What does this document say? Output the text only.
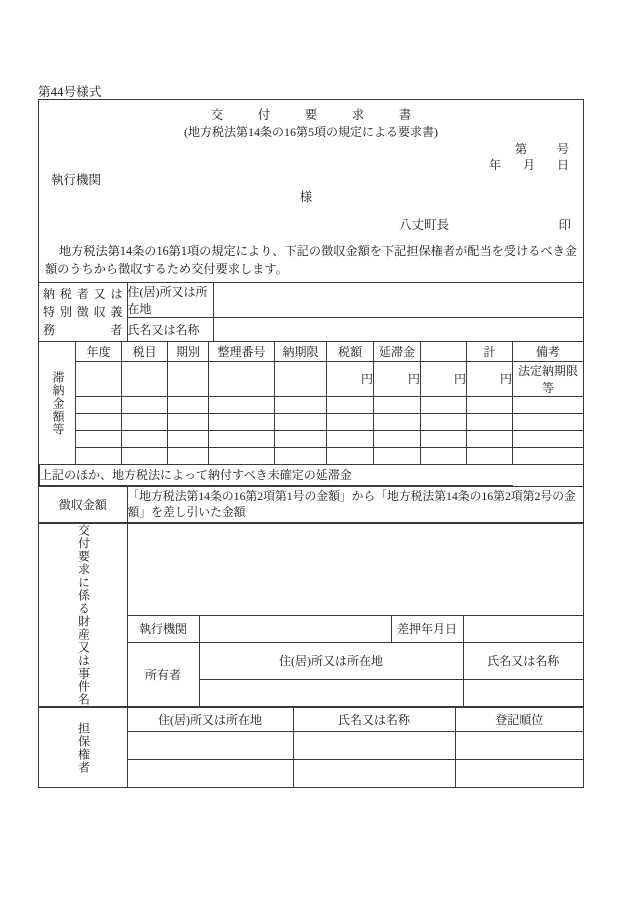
第44号様式
交　付　要　求　書
(地方税法第14条の16第5項の規定による要求書)
第	号
年 月 日
執行機関
様
八丈町長	印
地方税法第14条の16第1項の規定により、下記の徴収金額を下記担保権者が配当を受けるべき金額のうちから徴収するため交付要求します。
納 税 者 又 は
特 別 徴 収 義
務	者
	住(居)所又は所在地	
	氏名又は名称	
滞納金額等	年度	税目	期別	整理番号	納期限	税額	延滞金		計	備考
						円	円	円	円	法定納期限等

上記のほか、地方税法によって納付すべき未確定の延滞金										
徴収金額	「地方税法第14条の16第2項第1号の金額」から「地方税法第14条の16第2項第2号の金額」を差し引いた金額
交付要求に係る財産又は事件名				

	執行機関		差押年月日	
	所有者	住(居)所又は所在地		氏名又は名称

担保権者	住(居)所又は所在地	氏名又は名称	登記順位
